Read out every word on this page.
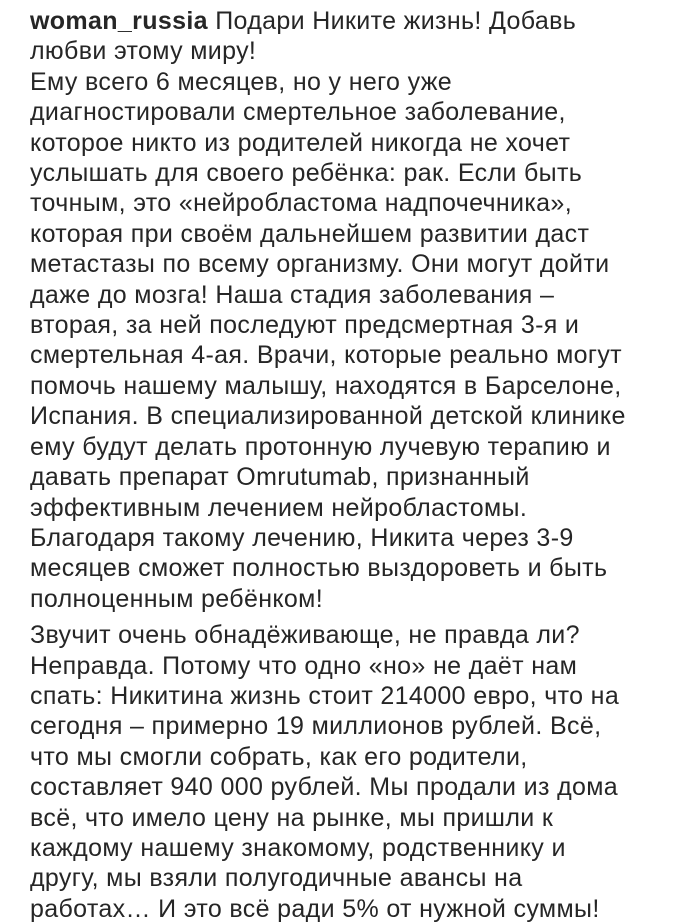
woman_russia Подари Никите жизнь! Добавь
любви этому миру!
Ему всего 6 месяцев, но у него уже
диагностировали смертельное заболевание,
которое никто из родителей никогда не хочет
услышать для своего ребёнка: рак. Если быть
точным, это «нейробластома надпочечника»,
которая при своём дальнейшем развитии даст
метастазы по всему организму. Они могут дойти
даже до мозга! Наша стадия заболевания –
вторая, за ней последуют предсмертная 3-я и
смертельная 4-ая. Врачи, которые реально могут
помочь нашему малышу, находятся в Барселоне,
Испания. В специализированной детской клинике
ему будут делать протонную лучевую терапию и
давать препарат Omrutumab, признанный
эффективным лечением нейробластомы.
Благодаря такому лечению, Никита через 3-9
месяцев сможет полностью выздороветь и быть
полноценным ребёнком!
Звучит очень обнадёживающе, не правда ли?
Неправда. Потому что одно «но» не даёт нам
спать: Никитина жизнь стоит 214000 евро, что на
сегодня – примерно 19 миллионов рублей. Всё,
что мы смогли собрать, как его родители,
составляет 940 000 рублей. Мы продали из дома
всё, что имело цену на рынке, мы пришли к
каждому нашему знакомому, родственнику и
другу, мы взяли полугодичные авансы на
работах… И это всё ради 5% от нужной суммы!
